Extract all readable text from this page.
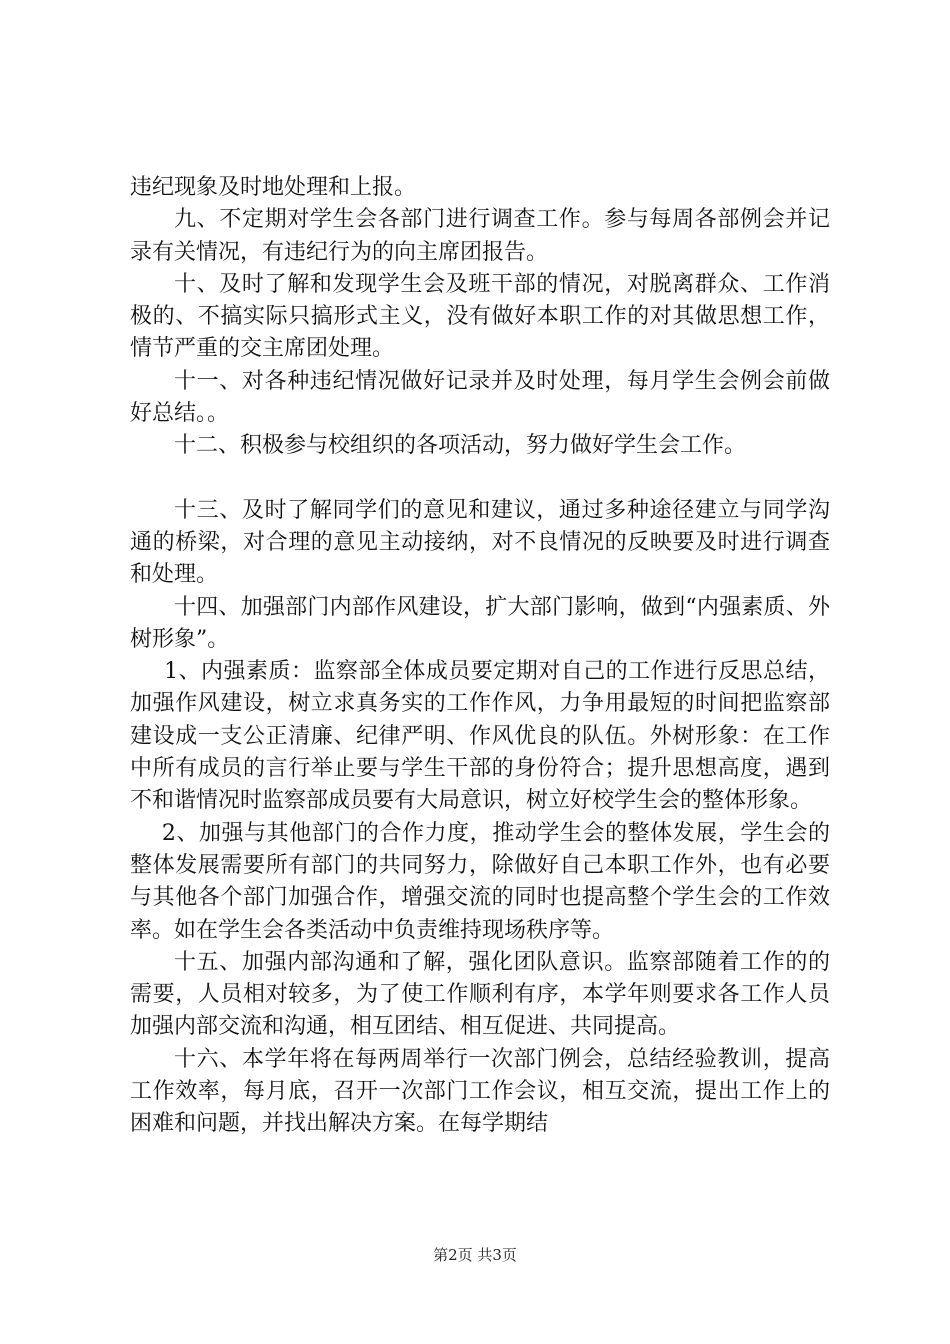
违纪现象及时地处理和上报。

九、不定期对学生会各部门进行调查工作。参与每周各部例会并记录有关情况，有违纪行为的向主席团报告。

十、及时了解和发现学生会及班干部的情况，对脱离群众、工作消极的、不搞实际只搞形式主义，没有做好本职工作的对其做思想工作，情节严重的交主席团处理。

十一、对各种违纪情况做好记录并及时处理，每月学生会例会前做好总结。。

十二、积极参与校组织的各项活动，努力做好学生会工作。

十三、及时了解同学们的意见和建议，通过多种途径建立与同学沟通的桥梁，对合理的意见主动接纳，对不良情况的反映要及时进行调查和处理。

十四、加强部门内部作风建设，扩大部门影响，做到“内强素质、外树形象”。

1、内强素质：监察部全体成员要定期对自己的工作进行反思总结，加强作风建设，树立求真务实的工作作风，力争用最短的时间把监察部建设成一支公正清廉、纪律严明、作风优良的队伍。外树形象：在工作中所有成员的言行举止要与学生干部的身份符合；提升思想高度，遇到不和谐情况时监察部成员要有大局意识，树立好校学生会的整体形象。

2、加强与其他部门的合作力度，推动学生会的整体发展，学生会的整体发展需要所有部门的共同努力，除做好自己本职工作外，也有必要与其他各个部门加强合作，增强交流的同时也提高整个学生会的工作效率。如在学生会各类活动中负责维持现场秩序等。

十五、加强内部沟通和了解，强化团队意识。监察部随着工作的的需要，人员相对较多，为了使工作顺利有序，本学年则要求各工作人员加强内部交流和沟通，相互团结、相互促进、共同提高。

十六、本学年将在每两周举行一次部门例会，总结经验教训，提高工作效率，每月底，召开一次部门工作会议，相互交流，提出工作上的困难和问题，并找出解决方案。在每学期结

第2页 共3页
